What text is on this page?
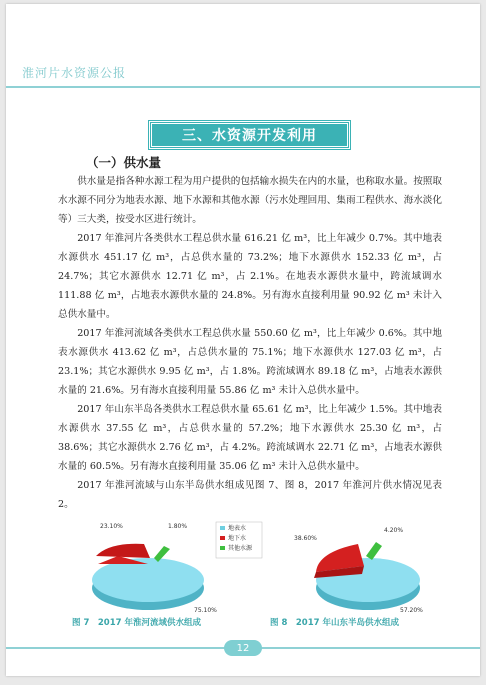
淮河片水资源公报
三、水资源开发利用
（一）供水量

供水量是指各种水源工程为用户提供的包括输水损失在内的水量，也称取水量。按照取水水源不同分为地表水源、地下水源和其他水源（污水处理回用、集雨工程供水、海水淡化等）三大类，按受水区进行统计。

2017 年淮河片各类供水工程总供水量 616.21 亿 m³，比上年减少 0.7%。其中地表水源供水 451.17 亿 m³，占总供水量的 73.2%；地下水源供水 152.33 亿 m³，占 24.7%；其它水源供水 12.71 亿 m³，占 2.1%。在地表水源供水量中，跨流域调水 111.88 亿 m³，占地表水源供水量的 24.8%。另有海水直接利用量 90.92 亿 m³ 未计入总供水量中。

2017 年淮河流域各类供水工程总供水量 550.60 亿 m³，比上年减少 0.6%。其中地表水源供水 413.62 亿 m³，占总供水量的 75.1%；地下水源供水 127.03 亿 m³，占 23.1%；其它水源供水 9.95 亿 m³，占 1.8%。跨流域调水 89.18 亿 m³，占地表水源供水量的 21.6%。另有海水直接利用量 55.86 亿 m³ 未计入总供水量中。

2017 年山东半岛各类供水工程总供水量 65.61 亿 m³，比上年减少 1.5%。其中地表水源供水 37.55 亿 m³，占总供水量的 57.2%；地下水源供水 25.30 亿 m³，占 38.6%；其它水源供水 2.76 亿 m³，占 4.2%。跨流域调水 22.71 亿 m³，占地表水源供水量的 60.5%。另有海水直接利用量 35.06 亿 m³ 未计入总供水量中。

2017 年淮河流域与山东半岛供水组成见图 7、图 8，2017 年淮河片供水情况见表 2。

23.10%	1.80%
75.10%
地表水
地下水
其他水源
38.60%
4.20%
57.20%
图 7　2017 年淮河流域供水组成	图 8　2017 年山东半岛供水组成
12
